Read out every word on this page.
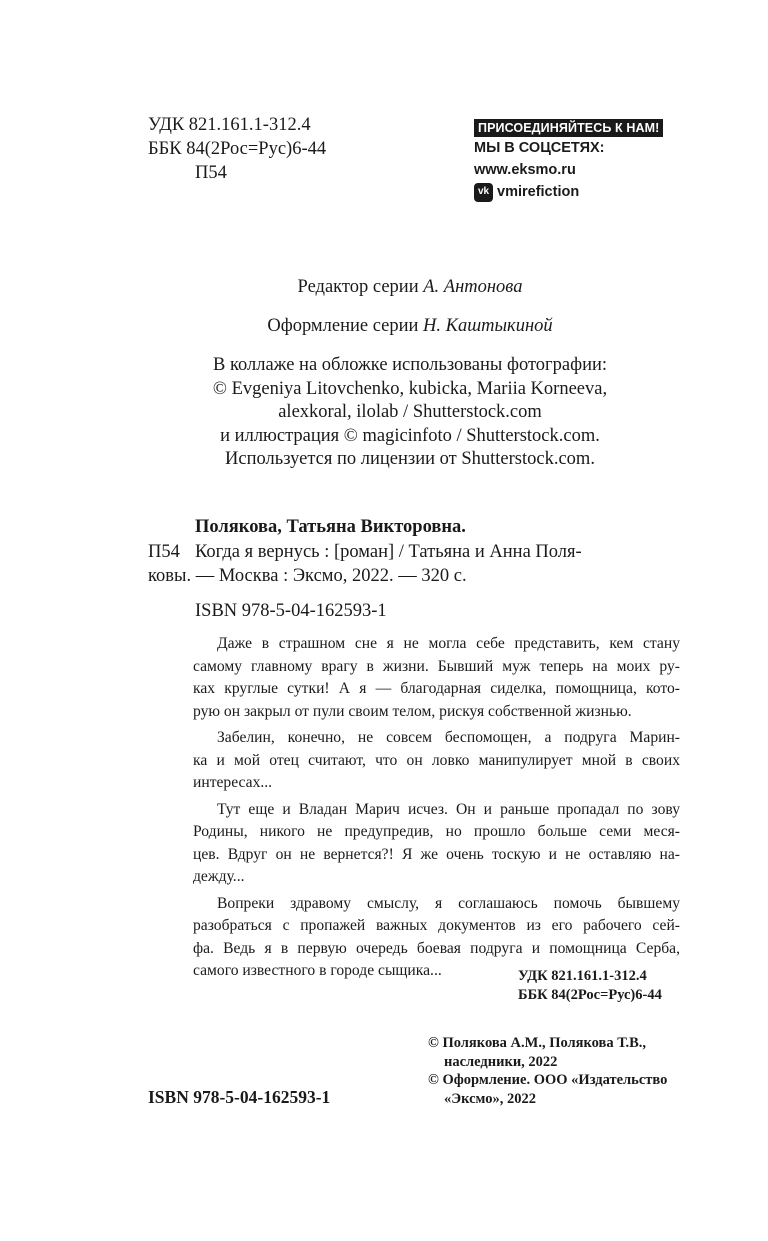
УДК 821.161.1-312.4
ББК 84(2Рос=Рус)6-44
П54
ПРИСОЕДИНЯЙТЕСЬ К НАМ!
МЫ В СОЦСЕТЯХ:
www.eksmo.ru
vk vmirefiction
Редактор серии А. Антонова
Оформление серии Н. Каштыкиной
В коллаже на обложке использованы фотографии:
© Evgeniya Litovchenko, kubicka, Mariia Korneeva,
alexkoral, ilolab / Shutterstock.com
и иллюстрация © magicinfoto / Shutterstock.com.
Используется по лицензии от Shutterstock.com.
Полякова, Татьяна Викторовна.
П54 Когда я вернусь : [роман] / Татьяна и Анна Поля-
ковы. — Москва : Эксмо, 2022. — 320 с.
ISBN 978-5-04-162593-1
Даже в страшном сне я не могла себе представить, кем стану
самому главному врагу в жизни. Бывший муж теперь на моих ру-
ках круглые сутки! А я — благодарная сиделка, помощница, кото-
рую он закрыл от пули своим телом, рискуя собственной жизнью.
Забелин, конечно, не совсем беспомощен, а подруга Марин-
ка и мой отец считают, что он ловко манипулирует мной в своих
интересах...
Тут еще и Владан Марич исчез. Он и раньше пропадал по зову
Родины, никого не предупредив, но прошло больше семи меся-
цев. Вдруг он не вернется?! Я же очень тоскую и не оставляю на-
дежду...
Вопреки здравому смыслу, я соглашаюсь помочь бывшему
разобраться с пропажей важных документов из его рабочего сей-
фа. Ведь я в первую очередь боевая подруга и помощница Серба,
самого известного в городе сыщика...	УДК 821.161.1-312.4
ББК 84(2Рос=Рус)6-44
© Полякова А.М., Полякова Т.В.,
наследники, 2022
© Оформление. ООО «Издательство
«Эксмо», 2022
ISBN 978-5-04-162593-1
